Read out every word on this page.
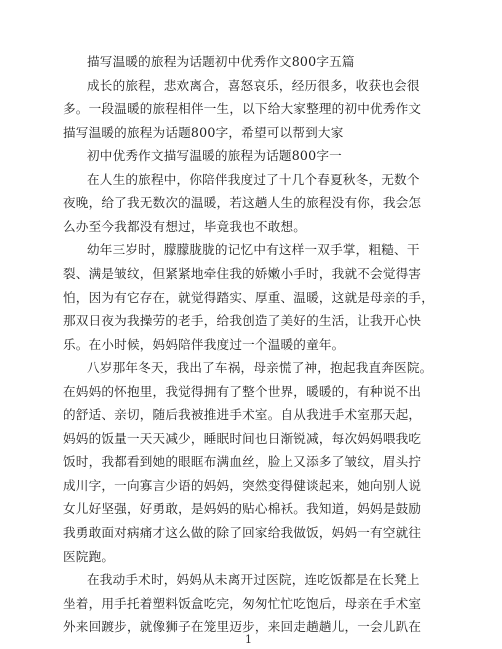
描写温暖的旅程为话题初中优秀作文800字五篇
成长的旅程，悲欢离合，喜怒哀乐，经历很多，收获也会很
多。一段温暖的旅程相伴一生，以下给大家整理的初中优秀作文
描写温暖的旅程为话题800字，希望可以帮到大家
初中优秀作文描写温暖的旅程为话题800字一
在人生的旅程中，你陪伴我度过了十几个春夏秋冬，无数个
夜晚，给了我无数次的温暖，若这趟人生的旅程没有你，我会怎
么办至今我都没有想过，毕竟我也不敢想。
幼年三岁时，朦朦胧胧的记忆中有这样一双手掌，粗糙、干
裂、满是皱纹，但紧紧地牵住我的娇嫩小手时，我就不会觉得害
怕，因为有它存在，就觉得踏实、厚重、温暖，这就是母亲的手，
那双日夜为我操劳的老手，给我创造了美好的生活，让我开心快
乐。在小时候，妈妈陪伴我度过一个温暖的童年。
八岁那年冬天，我出了车祸，母亲慌了神，抱起我直奔医院。
在妈妈的怀抱里，我觉得拥有了整个世界，暖暖的，有种说不出
的舒适、亲切，随后我被推进手术室。自从我进手术室那天起，
妈妈的饭量一天天减少，睡眠时间也日渐锐减，每次妈妈喂我吃
饭时，我都看到她的眼眶布满血丝，脸上又添多了皱纹，眉头拧
成川字，一向寡言少语的妈妈，突然变得健谈起来，她向别人说
女儿好坚强，好勇敢，是妈妈的贴心棉袄。我知道，妈妈是鼓励
我勇敢面对病痛才这么做的除了回家给我做饭，妈妈一有空就往
医院跑。
在我动手术时，妈妈从未离开过医院，连吃饭都是在长凳上
坐着，用手托着塑料饭盒吃完，匆匆忙忙吃饱后，母亲在手术室
外来回踱步，就像狮子在笼里迈步，来回走趟趟儿，一会儿趴在
1
